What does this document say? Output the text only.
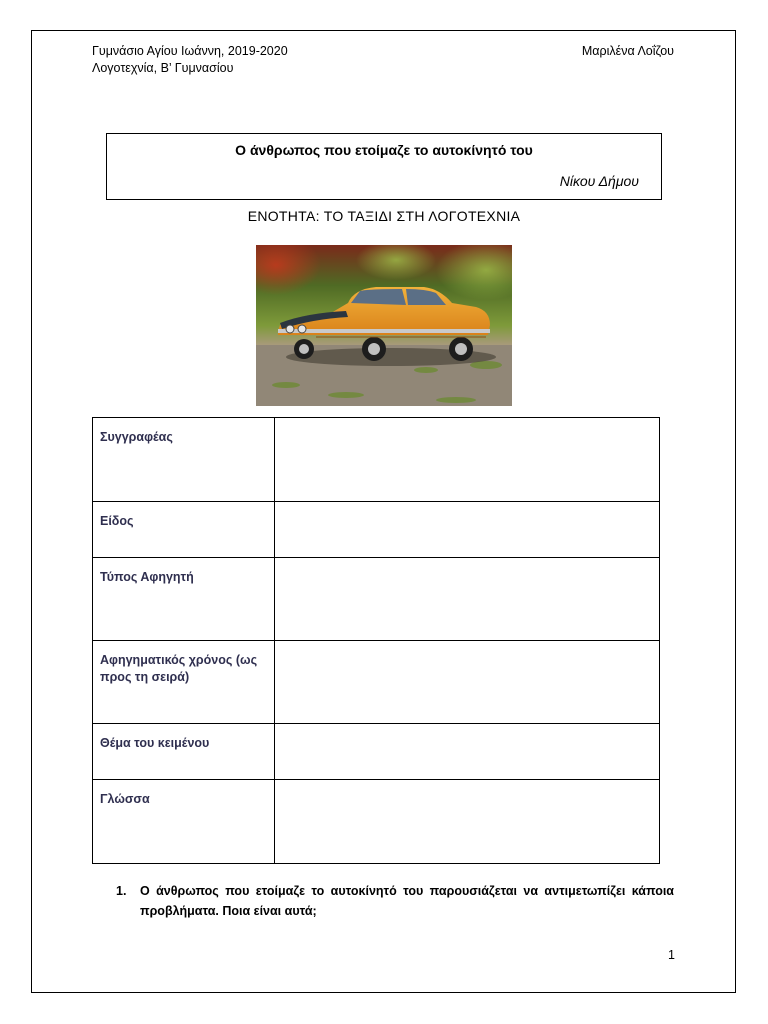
Γυμνάσιο Αγίου Ιωάννη, 2019-2020
Λογοτεχνία, Β’ Γυμνασίου
Μαριλένα Λοΐζου
Ο άνθρωπος που ετοίμαζε το αυτοκίνητό του
Νίκου Δήμου
ΕΝΟΤΗΤΑ: ΤΟ ΤΑΞΙΔΙ ΣΤΗ ΛΟΓΟΤΕΧΝΙΑ
Συγγραφέας	
Είδος	
Τύπος Αφηγητή	
Αφηγηματικός χρόνος (ως προς τη σειρά)	
Θέμα του κειμένου	
Γλώσσα	
1. Ο άνθρωπος που ετοίμαζε το αυτοκίνητό του παρουσιάζεται να αντιμετωπίζει κάποια προβλήματα. Ποια είναι αυτά;
1
